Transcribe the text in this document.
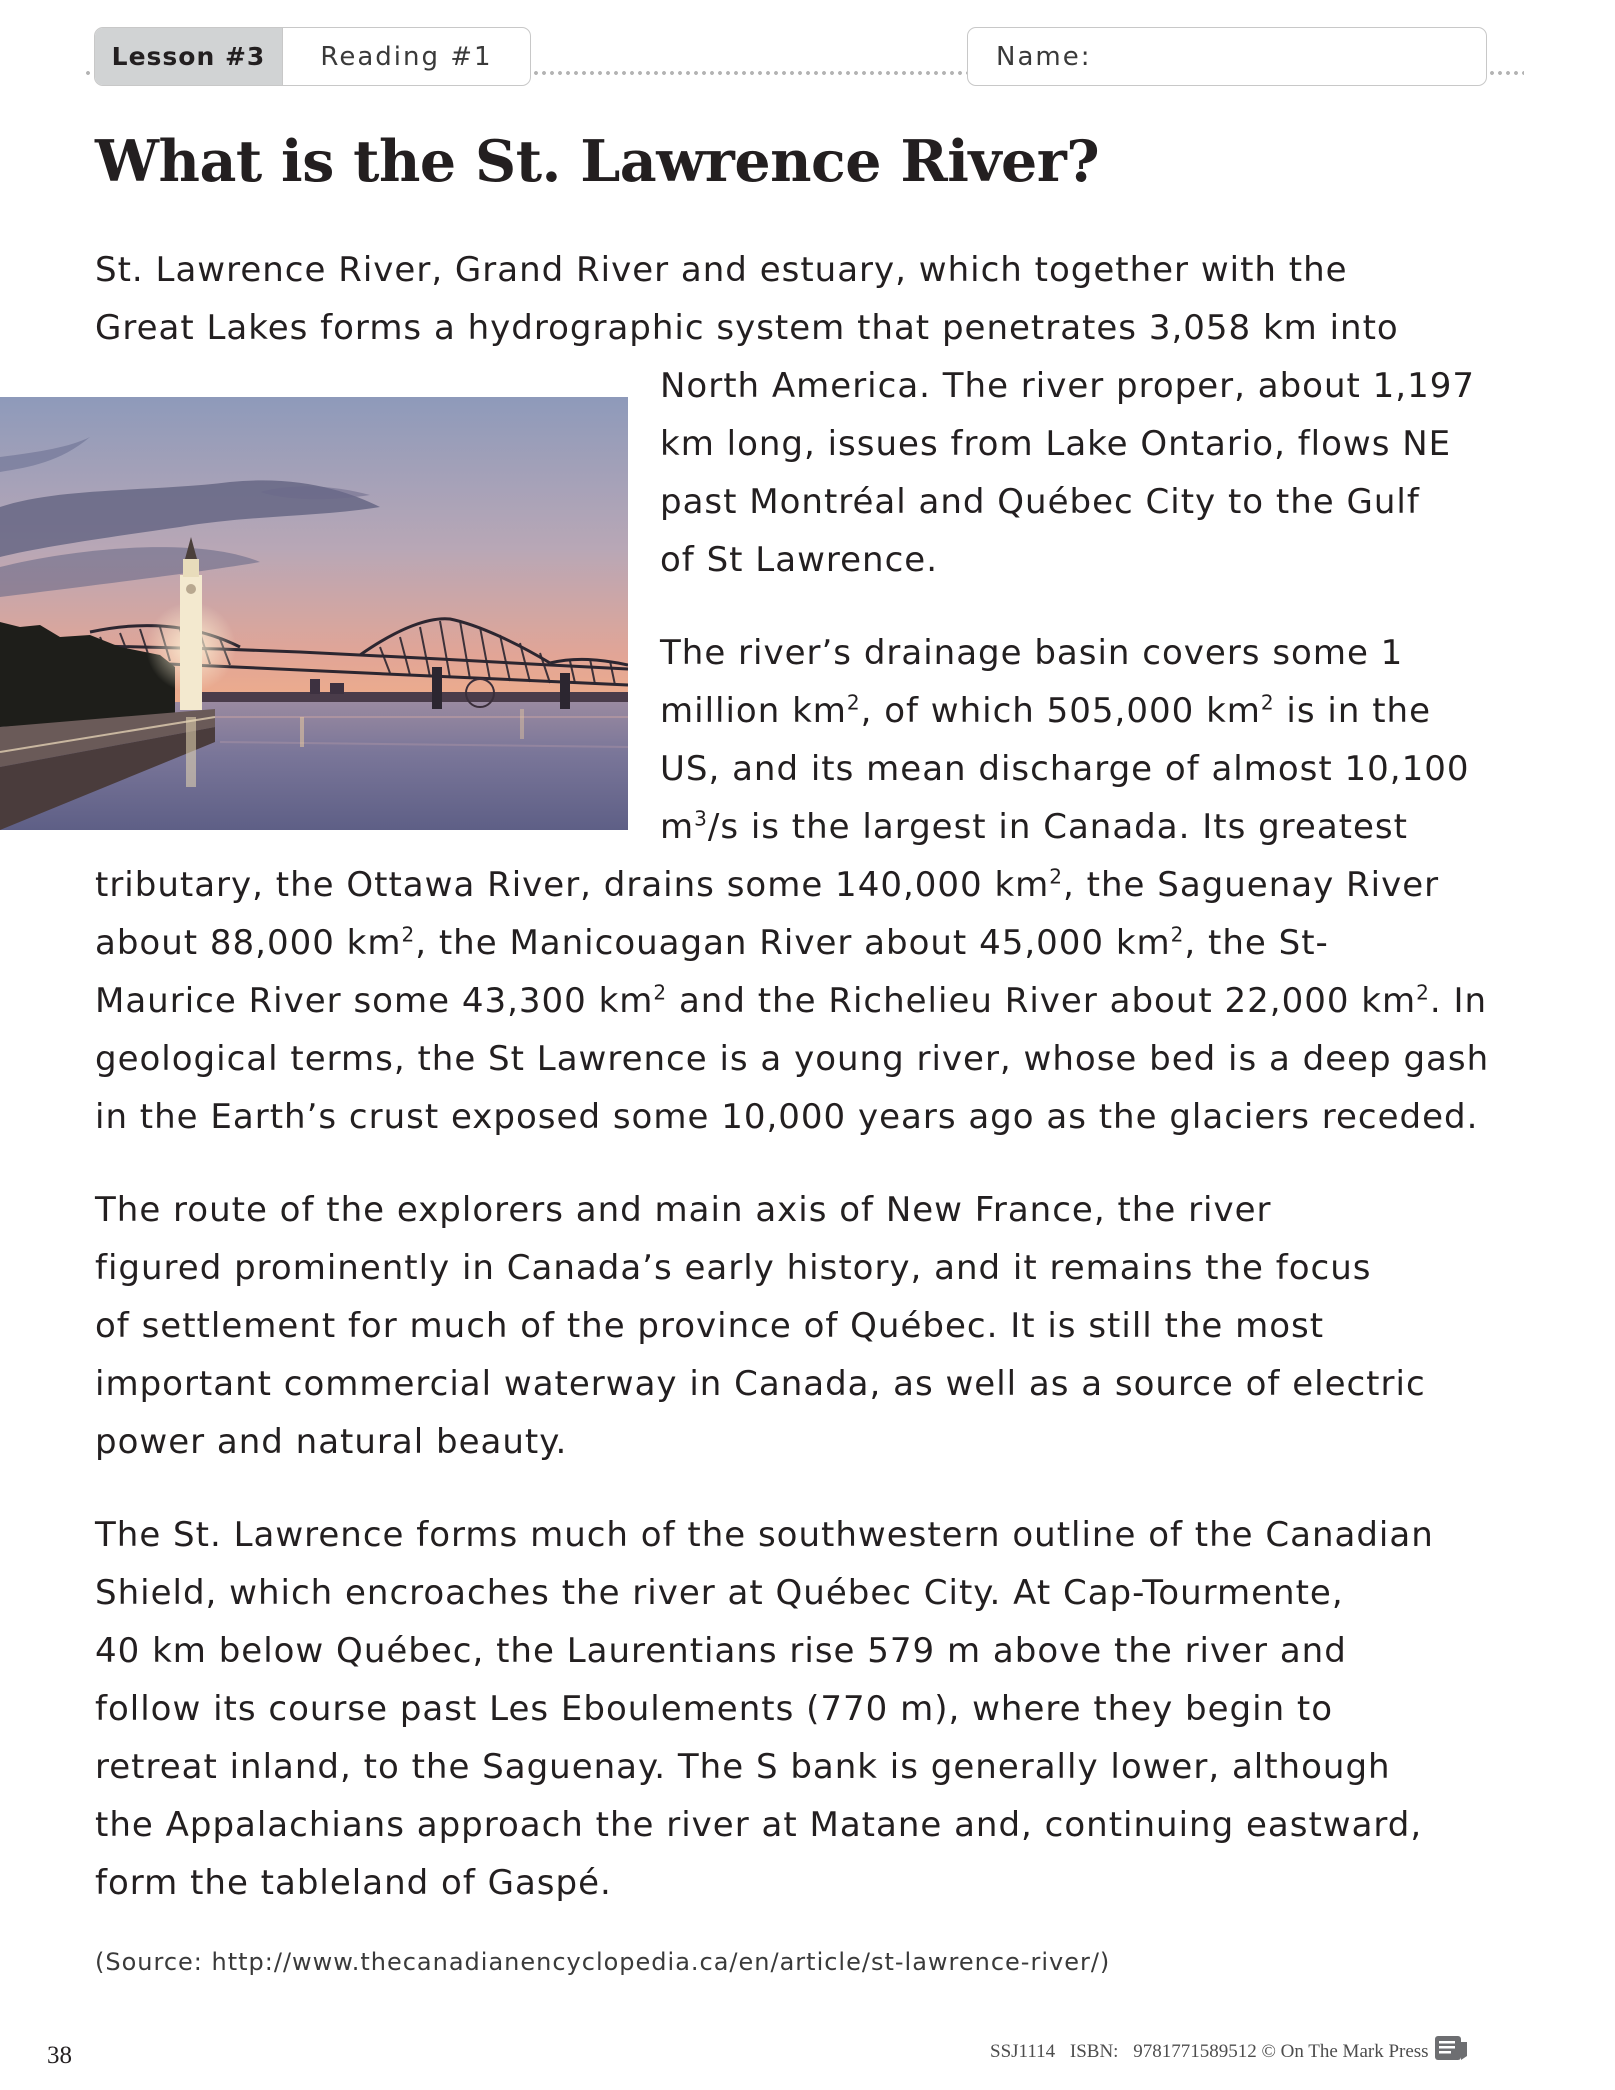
Lesson #3	Reading #1	Name:
What is the St. Lawrence River?
St. Lawrence River, Grand River and estuary, which together with the
Great Lakes forms a hydrographic system that penetrates 3,058 km into
North America. The river proper, about 1,197
km long, issues from Lake Ontario, flows NE
past Montréal and Québec City to the Gulf
of St Lawrence.
The river’s drainage basin covers some 1
million $km^2$, of which 505,000 $km^2$ is in the
US, and its mean discharge of almost 10,100
$m^3/s$ is the largest in Canada. Its greatest
tributary, the Ottawa River, drains some 140,000 $km^2$, the Saguenay River
about 88,000 $km^2$, the Manicouagan River about 45,000 $km^2$, the St-
Maurice River some 43,300 $km^2$ and the Richelieu River about 22,000 $km^2$. In
geological terms, the St Lawrence is a young river, whose bed is a deep gash
in the Earth’s crust exposed some 10,000 years ago as the glaciers receded.
The route of the explorers and main axis of New France, the river
figured prominently in Canada’s early history, and it remains the focus
of settlement for much of the province of Québec. It is still the most
important commercial waterway in Canada, as well as a source of electric
power and natural beauty.
The St. Lawrence forms much of the southwestern outline of the Canadian
Shield, which encroaches the river at Québec City. At Cap-Tourmente,
40 km below Québec, the Laurentians rise 579 m above the river and
follow its course past Les Eboulements (770 m), where they begin to
retreat inland, to the Saguenay. The S bank is generally lower, although
the Appalachians approach the river at Matane and, continuing eastward,
form the tableland of Gaspé.
(Source: http://www.thecanadianencyclopedia.ca/en/article/st-lawrence-river/)
38	SSJ1114 ISBN: 9781771589512 © On The Mark Press
